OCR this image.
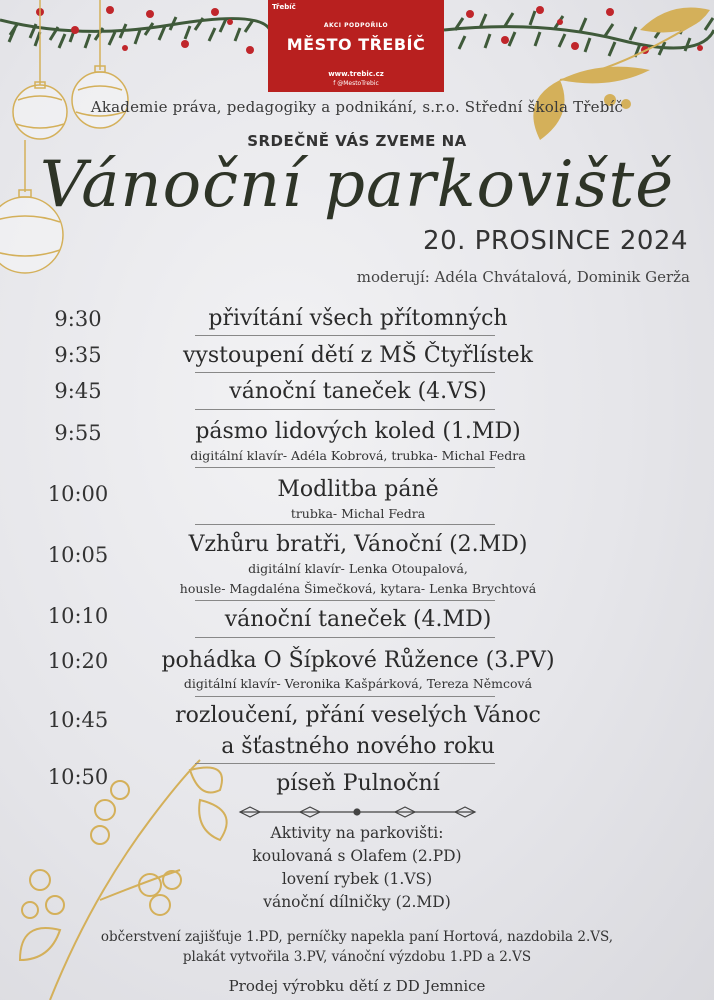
Třebíč
AKCI PODPOŘILO
MĚSTO TŘEBÍČ
www.trebic.cz
f @MestoTrebic
Akademie práva, pedagogiky a podnikání, s.r.o. Střední škola Třebíč
SRDEČNĚ VÁS ZVEME NA
Vánoční parkoviště
20. PROSINCE 2024
moderují: Adéla Chvátalová, Dominik Gerža
9:30	přivítání všech přítomných
9:35	vystoupení dětí z MŠ Čtyřlístek
9:45	vánoční taneček (4.VS)
9:55	pásmo lidových koled (1.MD)
digitální klavír- Adéla Kobrová, trubka- Michal Fedra
10:00	Modlitba páně
trubka- Michal Fedra
10:05	Vzhůru bratři, Vánoční (2.MD)
digitální klavír- Lenka Otoupalová,
housle- Magdaléna Šimečková, kytara- Lenka Brychtová
10:10	vánoční taneček (4.MD)
10:20	pohádka O Šípkové Růžence (3.PV)
digitální klavír- Veronika Kašpárková, Tereza Němcová
10:45	rozloučení, přání veselých Vánoc
a šťastného nového roku
10:50	píseň Pulnoční
Aktivity na parkovišti:
koulovaná s Olafem (2.PD)
lovení rybek (1.VS)
vánoční dílničky (2.MD)
občerstvení zajišťuje 1.PD, perníčky napekla paní Hortová, nazdobila 2.VS,
plakát vytvořila 3.PV, vánoční výzdobu 1.PD a 2.VS
Prodej výrobku dětí z DD Jemnice
